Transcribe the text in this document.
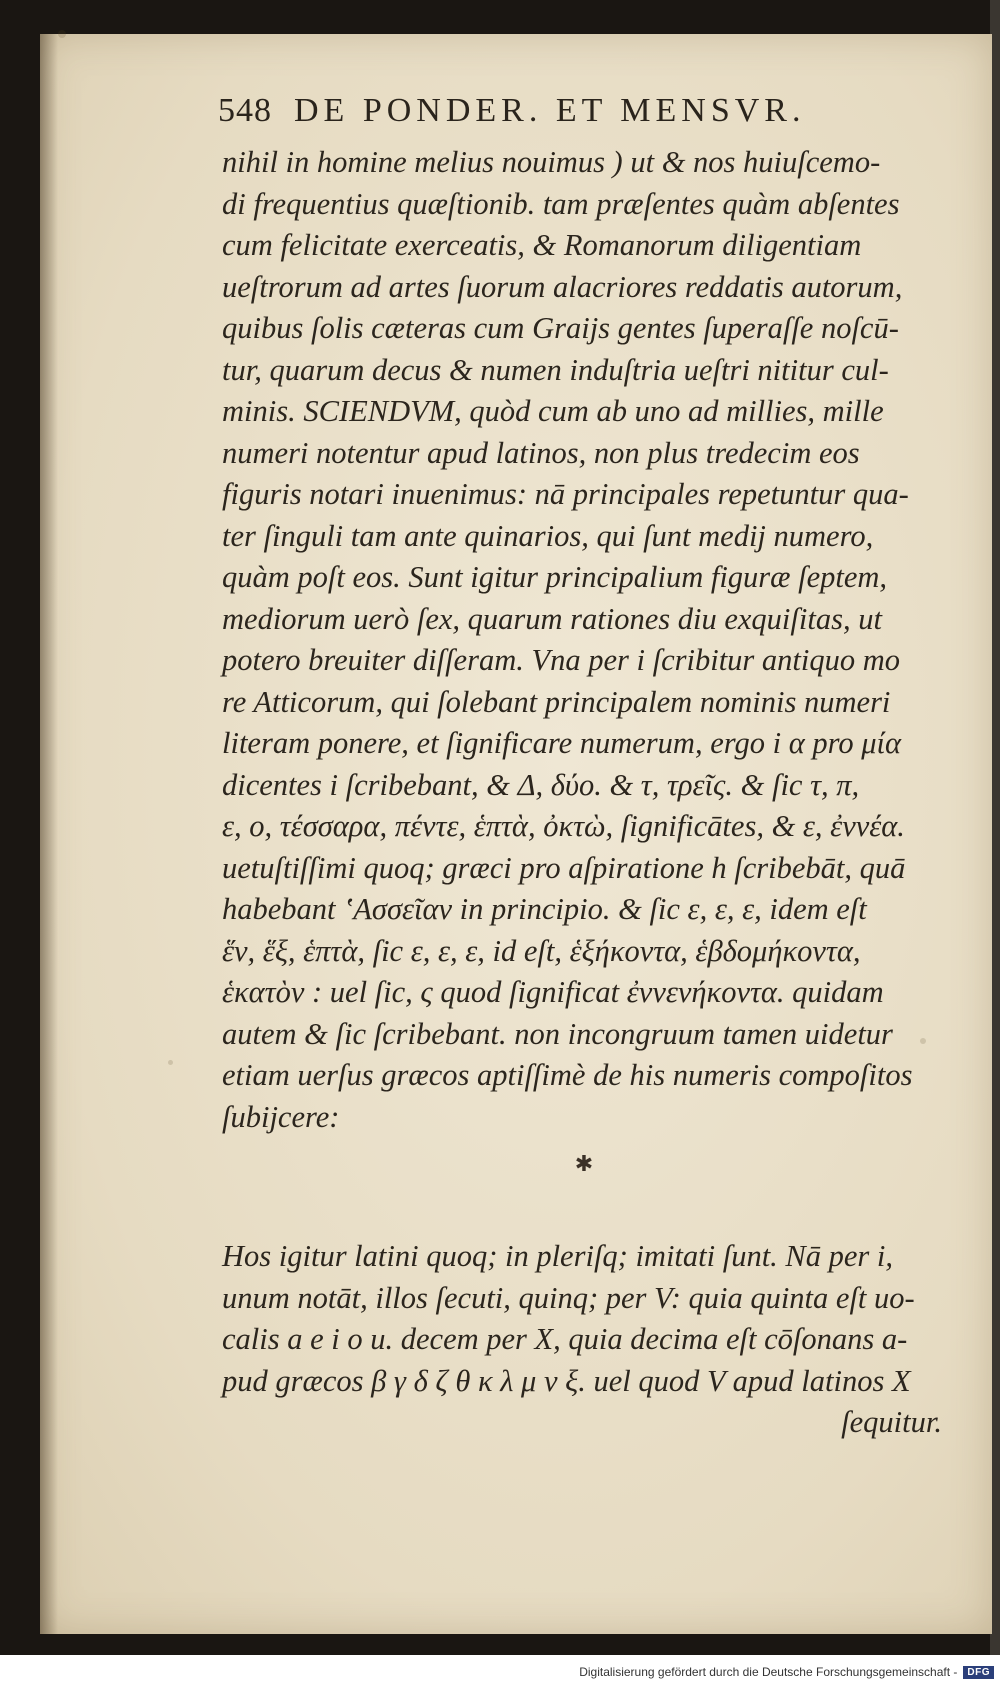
548 DE PONDER. ET MENSVR.
nihil in homine melius nouimus ) ut & nos huiuſcemo-
di frequentius quæſtionib. tam præſentes quàm abſentes
cum felicitate exerceatis, & Romanorum diligentiam
ueſtrorum ad artes ſuorum alacriores reddatis autorum,
quibus ſolis cæteras cum Graijs gentes ſuperaſſe noſcū-
tur, quarum decus & numen induſtria ueſtri nititur cul-
minis. SCIENDVM, quòd cum ab uno ad millies, mille
numeri notentur apud latinos, non plus tredecim eos
figuris notari inuenimus: nā principales repetuntur qua-
ter ſinguli tam ante quinarios, qui ſunt medij numero,
quàm poſt eos. Sunt igitur principalium figuræ ſeptem,
mediorum uerò ſex, quarum rationes diu exquiſitas, ut
potero breuiter diſſeram. Vna per i ſcribitur antiquo mo
re Atticorum, qui ſolebant principalem nominis numeri
literam ponere, et ſignificare numerum, ergo i α pro μία
dicentes i ſcribebant, & Δ, δύο. & τ, τρεῖς. & ſic τ, π,
ε, ο, τέσσαρα, πέντε, ἑπτὰ, ὀκτὼ, ſignificātes, & ε, ἐννέα.
uetuſtiſſimi quoq; græci pro aſpiratione h ſcribebāt, quā
habebant ʽΑσσεῖαν in principio. & ſic ε, ε, ε, idem eſt
ἕν, ἕξ, ἑπτὰ, ſic ε, ε, ε, id eſt, ἑξήκοντα, ἑβδομήκοντα,
ἑκατὸν : uel ſic, ς quod ſignificat ἐννενήκοντα. quidam
autem & ſic ſcribebant. non incongruum tamen uidetur
etiam uerſus græcos aptiſſimè de his numeris compoſitos
ſubijcere:
✱
Hos igitur latini quoq; in pleriſq; imitati ſunt. Nā per i,
unum notāt, illos ſecuti, quinq; per V: quia quinta eſt uo-
calis a e i o u. decem per X, quia decima eſt cōſonans a-
pud græcos β γ δ ζ θ κ λ μ ν ξ. uel quod V apud latinos X
ſequitur.
Digitalisierung gefördert durch die Deutsche Forschungsgemeinschaft -	DFG
